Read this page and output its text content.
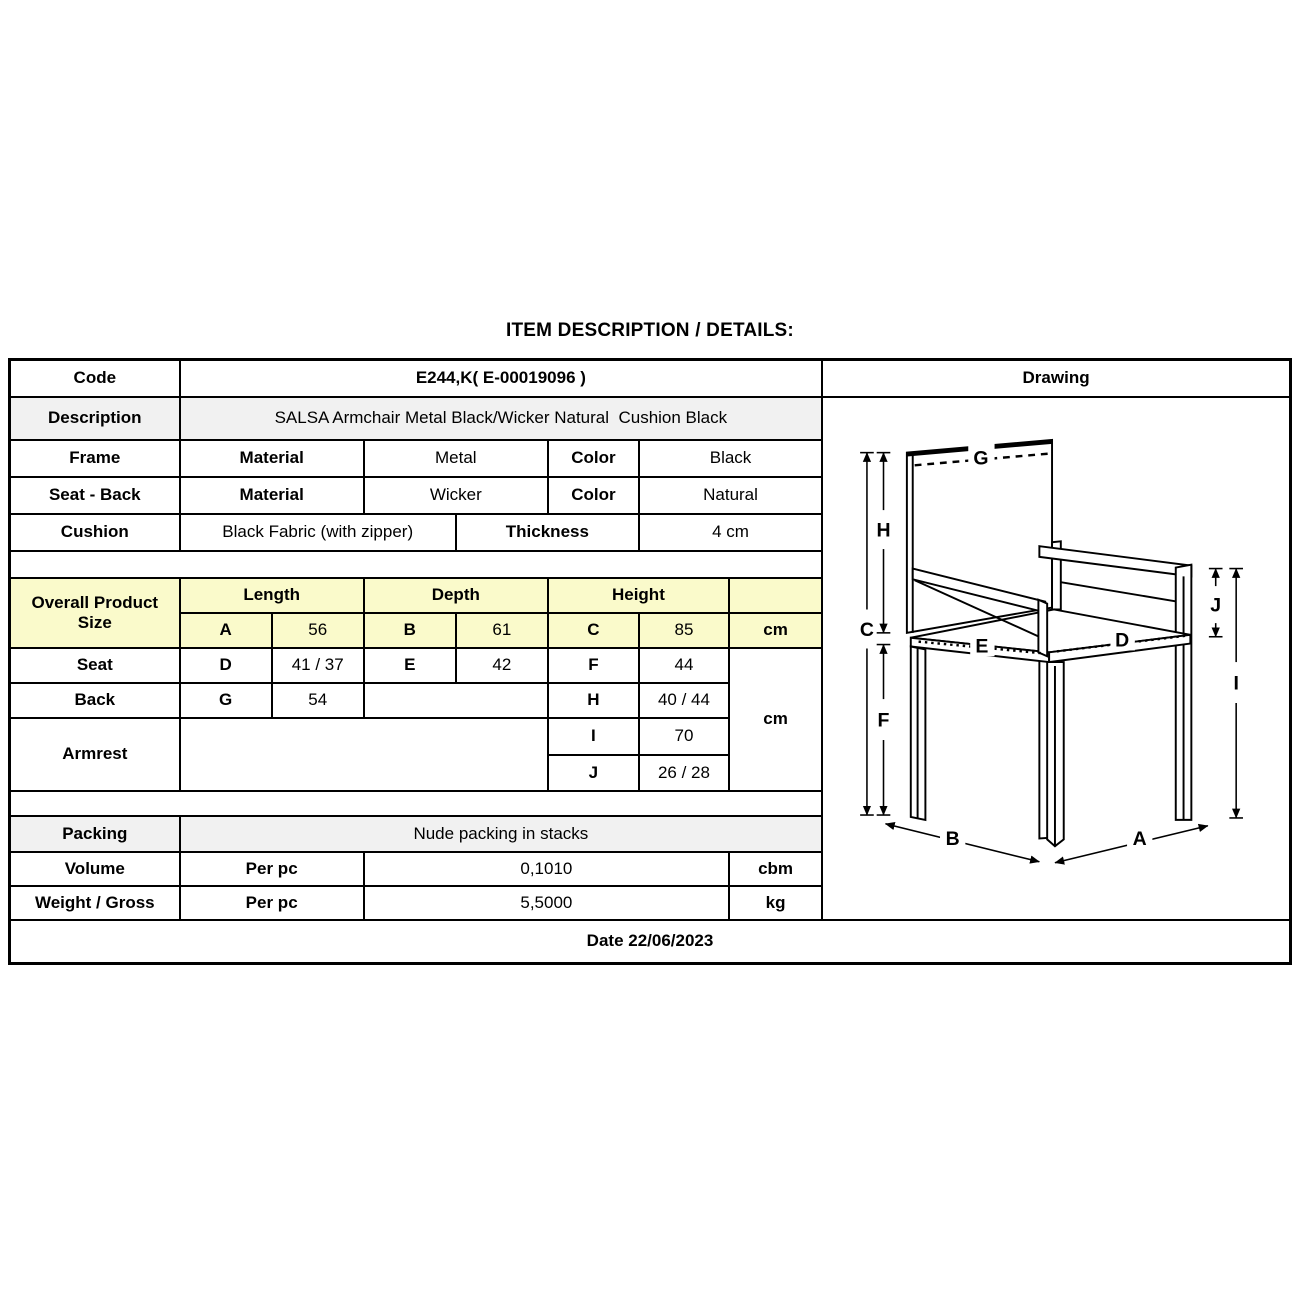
ITEM DESCRIPTION / DETAILS:
Code	E244,K( E-00019096 )							Drawing
Description	SALSA Armchair Metal Black/Wicker Natural  Cushion Black	
G
E	D
C
H
F
J
I
B	A

Frame	Material		Metal		Color	Black		
Seat - Back	Material		Wicker		Color	Natural		
Cushion	Black Fabric (with zipper)			Thickness		4 cm		

Overall Product Size	Length		Depth		Height			
	A	56	B	61	C	85	cm	
Seat	D	41 / 37	E	42	F	44	cm	
Back	G	54			H	40 / 44		
Armrest					I	70		
					J	26 / 28		

Packing	Nude packing in stacks							
Volume	Per pc		0,1010				cbm	
Weight / Gross	Per pc		5,5000				kg	
Date 22/06/2023								
